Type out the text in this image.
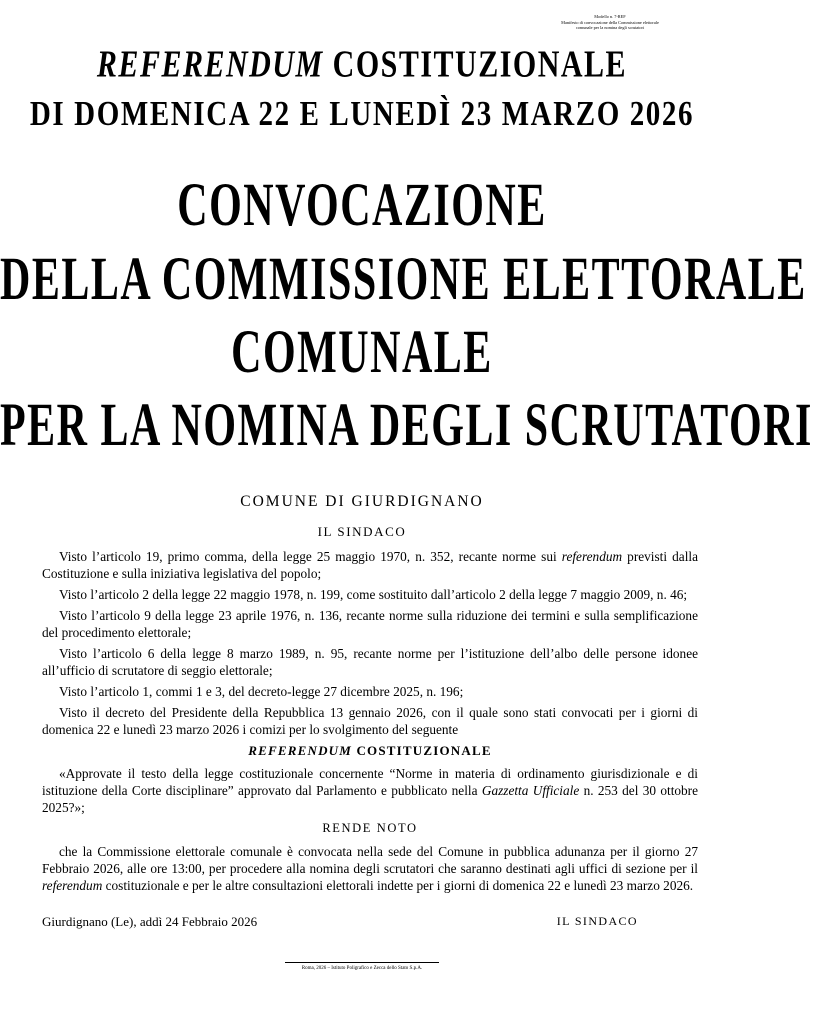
Modello n. 7-REF
Manifesto di convocazione della Commissione elettorale
comunale per la nomina degli scrutatori
REFERENDUM COSTITUZIONALE
DI DOMENICA 22 E LUNEDÌ 23 MARZO 2026
CONVOCAZIONE
DELLA COMMISSIONE ELETTORALE
COMUNALE
PER LA NOMINA DEGLI SCRUTATORI
COMUNE DI GIURDIGNANO
IL SINDACO

Visto l’articolo 19, primo comma, della legge 25 maggio 1970, n. 352, recante norme sui referendum previsti dalla Costituzione e sulla iniziativa legislativa del popolo;

Visto l’articolo 2 della legge 22 maggio 1978, n. 199, come sostituito dall’articolo 2 della legge 7 maggio 2009, n. 46;

Visto l’articolo 9 della legge 23 aprile 1976, n. 136, recante norme sulla riduzione dei termini e sulla semplificazione del procedimento elettorale;

Visto l’articolo 6 della legge 8 marzo 1989, n. 95, recante norme per l’istituzione dell’albo delle persone idonee all’ufficio di scrutatore di seggio elettorale;

Visto l’articolo 1, commi 1 e 3, del decreto-legge 27 dicembre 2025, n. 196;

Visto il decreto del Presidente della Repubblica 13 gennaio 2026, con il quale sono stati convocati per i giorni di domenica 22 e lunedì 23 marzo 2026 i comizi per lo svolgimento del seguente

REFERENDUM COSTITUZIONALE

«Approvate il testo della legge costituzionale concernente “Norme in materia di ordinamento giurisdizionale e di istituzione della Corte disciplinare” approvato dal Parlamento e pubblicato nella Gazzetta Ufficiale n. 253 del 30 ottobre 2025?»;

RENDE NOTO

che la Commissione elettorale comunale è convocata nella sede del Comune in pubblica adunanza per il giorno 27 Febbraio 2026, alle ore 13:00, per procedere alla nomina degli scrutatori che saranno destinati agli uffici di sezione per il referendum costituzionale e per le altre consultazioni elettorali indette per i giorni di domenica 22 e lunedì 23 marzo 2026.

Giurdignano (Le), addì 24 Febbraio 2026	IL SINDACO
Roma, 2026 – Istituto Poligrafico e Zecca dello Stato S.p.A.
